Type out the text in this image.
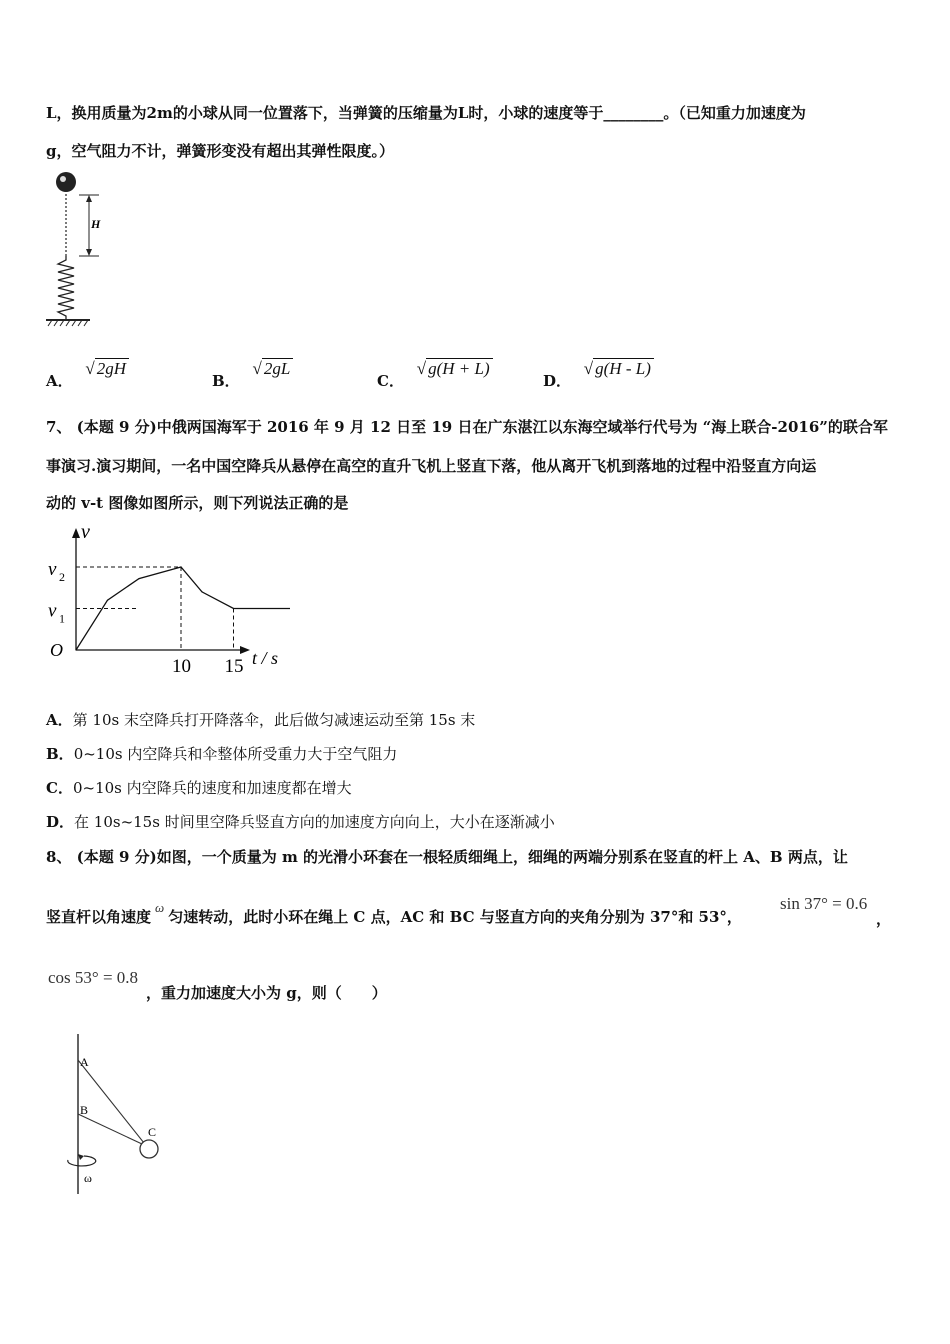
L，换用质量为2m的小球从同一位置落下，当弹簧的压缩量为L时，小球的速度等于________。（已知重力加速度为
g，空气阻力不计，弹簧形变没有超出其弹性限度。）
H
A． √ 2gH
B． √ 2gL
C． √ g(H + L)
D． √ g(H - L)
7、 (本题 9 分)中俄两国海军于 2016 年 9 月 12 日至 19 日在广东湛江以东海空域举行代号为 “海上联合-2016”的联合军
事演习.演习期间，一名中国空降兵从悬停在高空的直升飞机上竖直下落，他从离开飞机到落地的过程中沿竖直方向运
动的 v-t 图像如图所示，则下列说法正确的是
v
O	t / s
10 15
v 2
v 1
A．第 10s 末空降兵打开降落伞，此后做匀减速运动至第 15s 末
B．0~10s 内空降兵和伞整体所受重力大于空气阻力
C．0~10s 内空降兵的速度和加速度都在增大
D．在 10s~15s 时间里空降兵竖直方向的加速度方向向上，大小在逐渐减小
8、 (本题 9 分)如图，一个质量为 m 的光滑小环套在一根轻质细绳上，细绳的两端分别系在竖直的杆上 A、B 两点，让
竖直杆以角速度ω匀速转动，此时小环在绳上 C 点，AC 和 BC 与竖直方向的夹角分别为 37°和 53°，
sin 37° = 0.6
，
cos 53° = 0.8
，重力加速度大小为 g，则（　　）
A
B
C
ω
